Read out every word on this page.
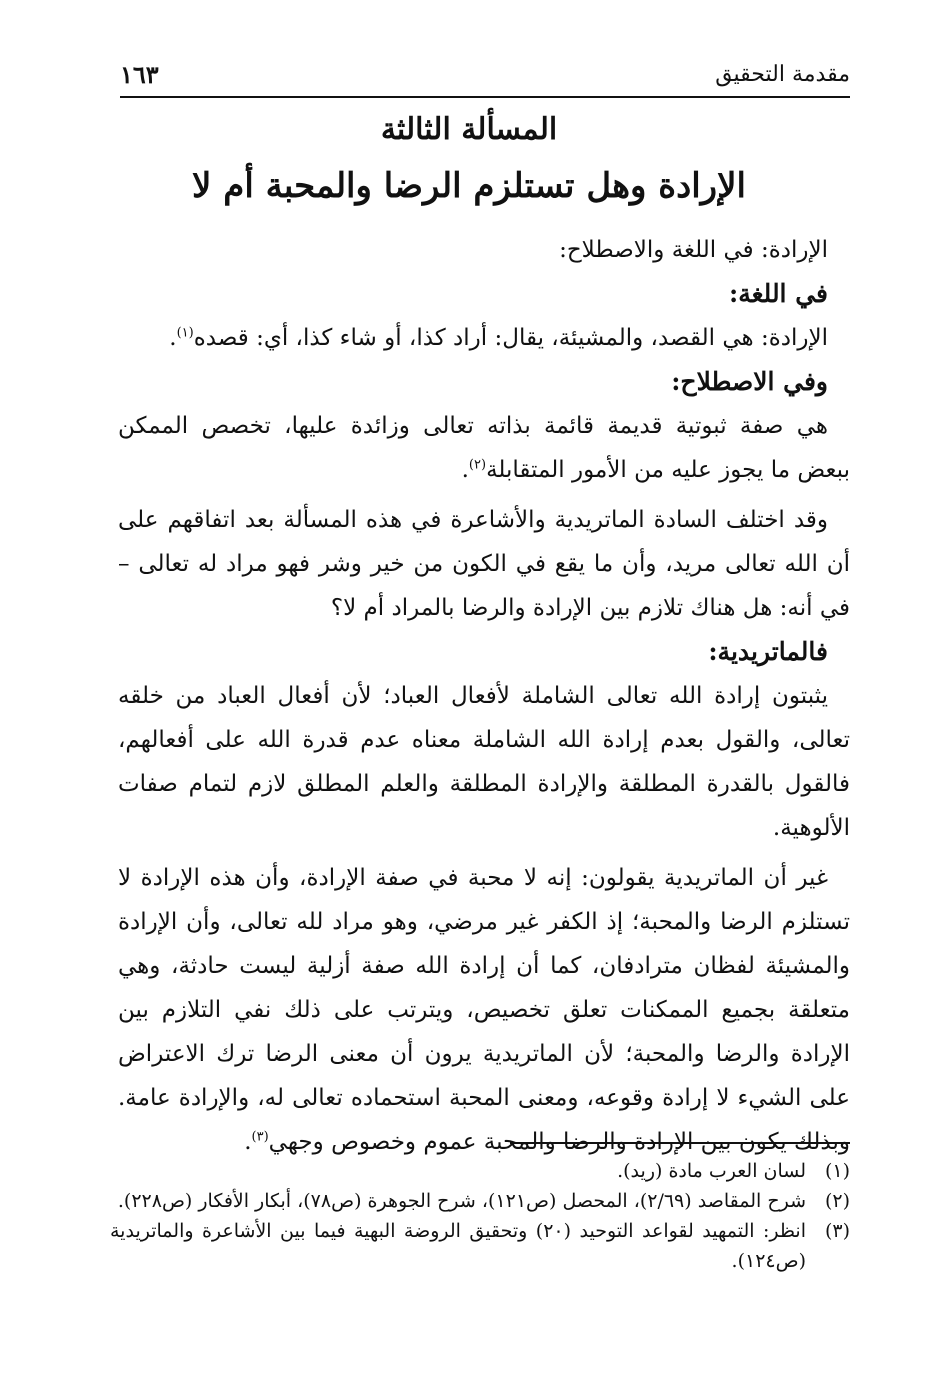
مقدمة التحقيق
١٦٣
المسألة الثالثة
الإرادة وهل تستلزم الرضا والمحبة أم لا

الإرادة: في اللغة والاصطلاح:

في اللغة:

الإرادة: هي القصد، والمشيئة، يقال: أراد كذا، أو شاء كذا، أي: قصده$^{(١)}$.

وفي الاصطلاح:

هي صفة ثبوتية قديمة قائمة بذاته تعالى وزائدة عليها، تخصص الممكن ببعض ما يجوز عليه من الأمور المتقابلة$^{(٢)}$.

وقد اختلف السادة الماتريدية والأشاعرة في هذه المسألة بعد اتفاقهم على أن الله تعالى مريد، وأن ما يقع في الكون من خير وشر فهو مراد له تعالى – في أنه: هل هناك تلازم بين الإرادة والرضا بالمراد أم لا؟

فالماتريدية:

يثبتون إرادة الله تعالى الشاملة لأفعال العباد؛ لأن أفعال العباد من خلقه تعالى، والقول بعدم إرادة الله الشاملة معناه عدم قدرة الله على أفعالهم، فالقول بالقدرة المطلقة والإرادة المطلقة والعلم المطلق لازم لتمام صفات الألوهية.

غير أن الماتريدية يقولون: إنه لا محبة في صفة الإرادة، وأن هذه الإرادة لا تستلزم الرضا والمحبة؛ إذ الكفر غير مرضي، وهو مراد لله تعالى، وأن الإرادة والمشيئة لفظان مترادفان، كما أن إرادة الله صفة أزلية ليست حادثة، وهي متعلقة بجميع الممكنات تعلق تخصيص، ويترتب على ذلك نفي التلازم بين الإرادة والرضا والمحبة؛ لأن الماتريدية يرون أن معنى الرضا ترك الاعتراض على الشيء لا إرادة وقوعه، ومعنى المحبة استحماده تعالى له، والإرادة عامة. وبذلك يكون بين الإرادة والرضا والمحبة عموم وخصوص وجهي$^{(٣)}$.

(١)
لسان العرب مادة (ريد).
(٢)
شرح المقاصد (٢/٦٩)، المحصل (ص١٢١)، شرح الجوهرة (ص٧٨)، أبكار الأفكار (ص٢٢٨).
(٣)
انظر: التمهيد لقواعد التوحيد (٢٠) وتحقيق الروضة البهية فيما بين الأشاعرة والماتريدية (ص١٢٤).
